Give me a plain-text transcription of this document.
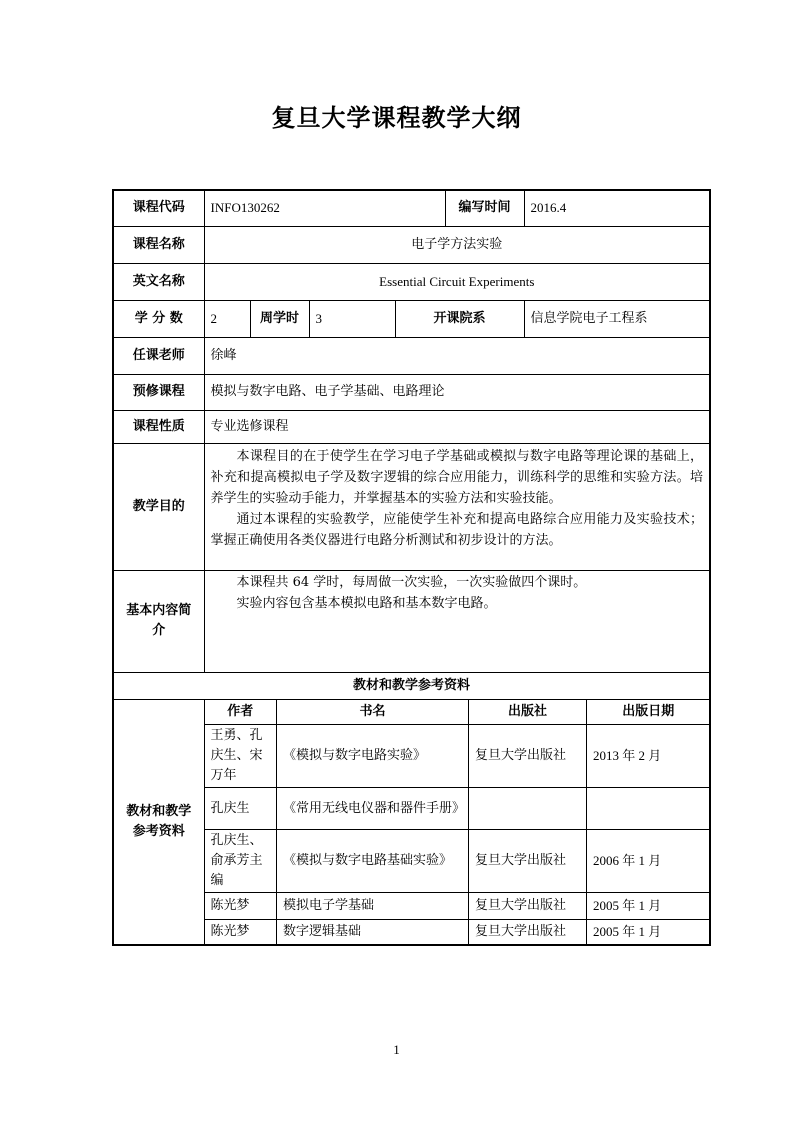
复旦大学课程教学大纲
课程代码	INFO130262	编写时间	2016.4
课程名称	电子学方法实验
英文名称	Essential Circuit Experiments
学 分 数	2	周学时	3	开课院系	信息学院电子工程系
任课老师	徐峰
预修课程	模拟与数字电路、电子学基础、电路理论
课程性质	专业选修课程
教学目的	
本课程目的在于使学生在学习电子学基础或模拟与数字电路等理论课的基础上，补充和提高模拟电子学及数字逻辑的综合应用能力，训练科学的思维和实验方法。培养学生的实验动手能力，并掌握基本的实验方法和实验技能。
通过本课程的实验教学，应能使学生补充和提高电路综合应用能力及实验技术；掌握正确使用各类仪器进行电路分析测试和初步设计的方法。

基本内容简介	
本课程共 64 学时，每周做一次实验，一次实验做四个课时。
实验内容包含基本模拟电路和基本数字电路。

教材和教学参考资料
教材和教学参考资料	
作者	书名	出版社	出版日期
王勇、孔庆生、宋万年	《模拟与数字电路实验》	复旦大学出版社	2013 年 2 月
孔庆生	《常用无线电仪器和器件手册》		
孔庆生、俞承芳主编	《模拟与数字电路基础实验》	复旦大学出版社	2006 年 1 月
陈光梦	模拟电子学基础	复旦大学出版社	2005 年 1 月
陈光梦	数字逻辑基础	复旦大学出版社	2005 年 1 月
1
